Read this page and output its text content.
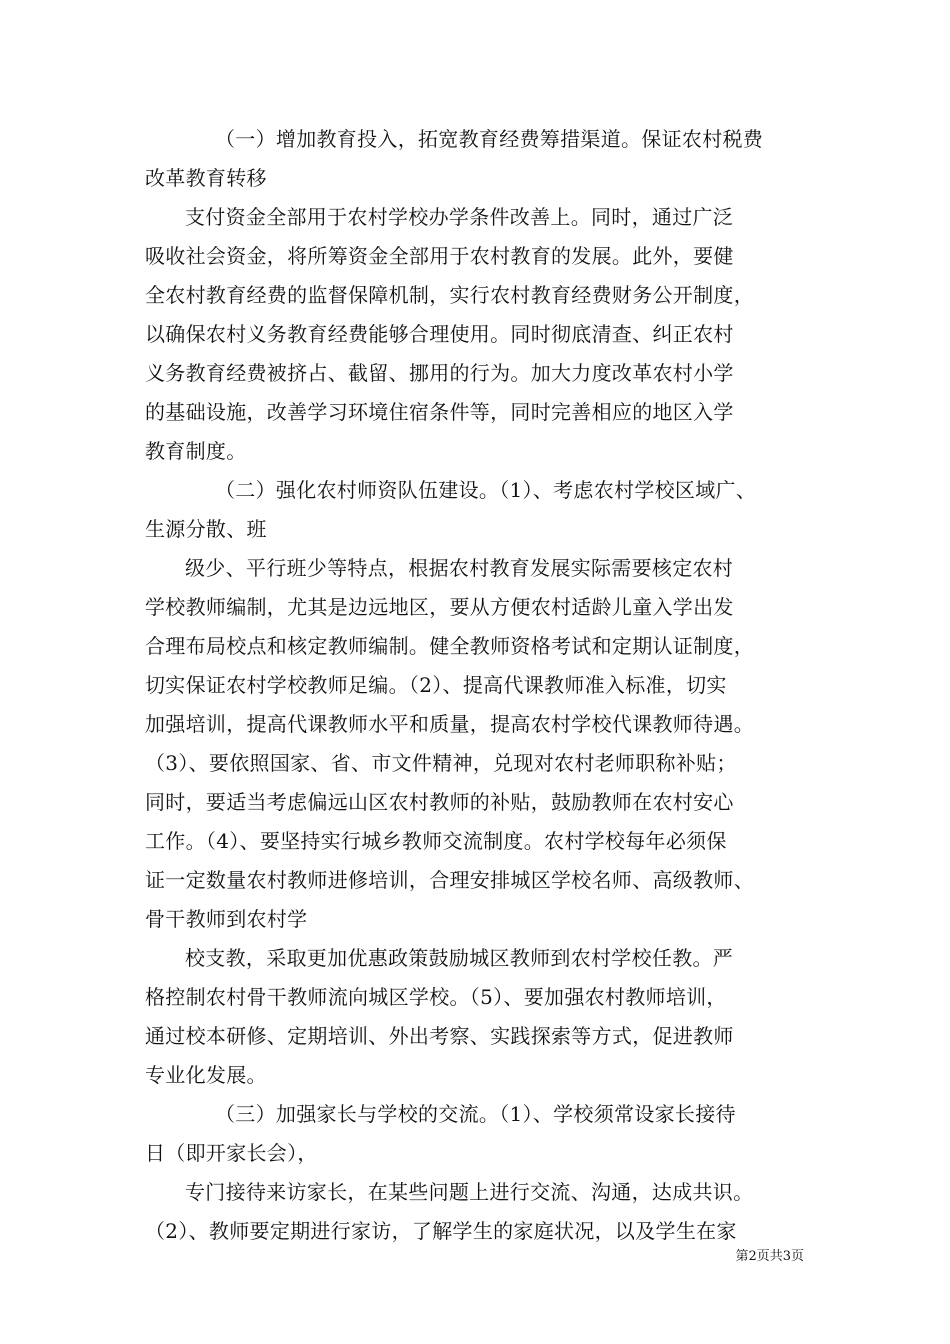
（一）增加教育投入，拓宽教育经费筹措渠道。保证农村税费
改革教育转移
支付资金全部用于农村学校办学条件改善上。同时，通过广泛
吸收社会资金，将所筹资金全部用于农村教育的发展。此外，要健
全农村教育经费的监督保障机制，实行农村教育经费财务公开制度，
以确保农村义务教育经费能够合理使用。同时彻底清查、纠正农村
义务教育经费被挤占、截留、挪用的行为。加大力度改革农村小学
的基础设施，改善学习环境住宿条件等，同时完善相应的地区入学
教育制度。
（二）强化农村师资队伍建设。（1）、考虑农村学校区域广、
生源分散、班
级少、平行班少等特点，根据农村教育发展实际需要核定农村
学校教师编制，尤其是边远地区，要从方便农村适龄儿童入学出发
合理布局校点和核定教师编制。健全教师资格考试和定期认证制度，
切实保证农村学校教师足编。（2）、提高代课教师准入标准，切实
加强培训，提高代课教师水平和质量，提高农村学校代课教师待遇。
（3）、要依照国家、省、市文件精神，兑现对农村老师职称补贴；
同时，要适当考虑偏远山区农村教师的补贴，鼓励教师在农村安心
工作。（4）、要坚持实行城乡教师交流制度。农村学校每年必须保
证一定数量农村教师进修培训，合理安排城区学校名师、高级教师、
骨干教师到农村学
校支教，采取更加优惠政策鼓励城区教师到农村学校任教。严
格控制农村骨干教师流向城区学校。（5）、要加强农村教师培训，
通过校本研修、定期培训、外出考察、实践探索等方式，促进教师
专业化发展。
（三）加强家长与学校的交流。（1）、学校须常设家长接待
日（即开家长会），
专门接待来访家长，在某些问题上进行交流、沟通，达成共识。
（2）、教师要定期进行家访，了解学生的家庭状况，以及学生在家
第2页共3页
